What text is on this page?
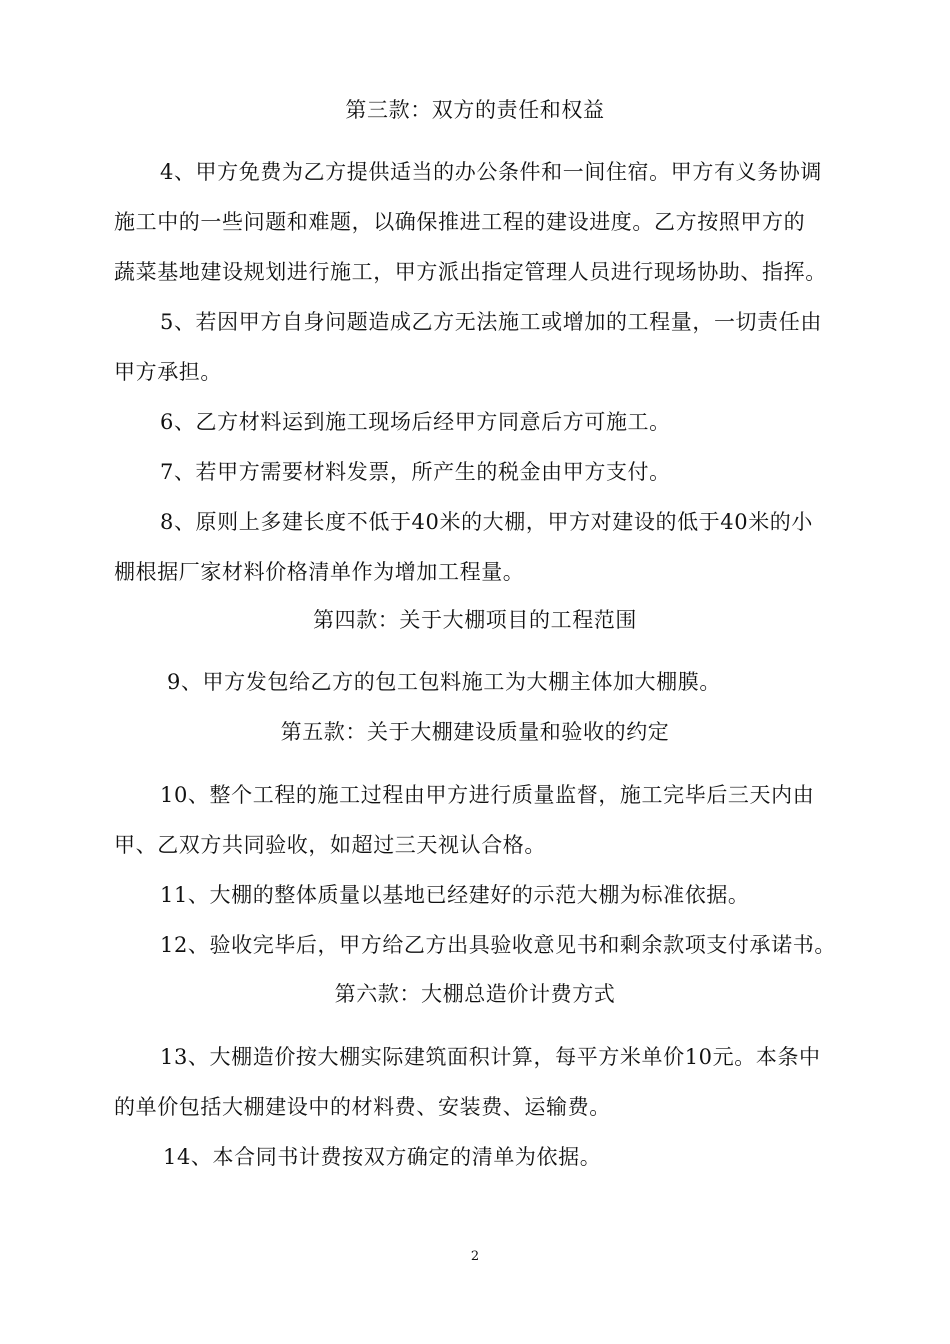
第三款：双方的责任和权益
4、甲方免费为乙方提供适当的办公条件和一间住宿。甲方有义务协调
施工中的一些问题和难题，以确保推进工程的建设进度。乙方按照甲方的
蔬菜基地建设规划进行施工，甲方派出指定管理人员进行现场协助、指挥。
5、若因甲方自身问题造成乙方无法施工或增加的工程量，一切责任由
甲方承担。
6、乙方材料运到施工现场后经甲方同意后方可施工。
7、若甲方需要材料发票，所产生的税金由甲方支付。
8、原则上多建长度不低于40米的大棚，甲方对建设的低于40米的小
棚根据厂家材料价格清单作为增加工程量。
第四款：关于大棚项目的工程范围
9、甲方发包给乙方的包工包料施工为大棚主体加大棚膜。
第五款：关于大棚建设质量和验收的约定
10、整个工程的施工过程由甲方进行质量监督，施工完毕后三天内由
甲、乙双方共同验收，如超过三天视认合格。
11、大棚的整体质量以基地已经建好的示范大棚为标准依据。
12、验收完毕后，甲方给乙方出具验收意见书和剩余款项支付承诺书。
第六款：大棚总造价计费方式
13、大棚造价按大棚实际建筑面积计算，每平方米单价10元。本条中
的单价包括大棚建设中的材料费、安装费、运输费。
14、本合同书计费按双方确定的清单为依据。
2
